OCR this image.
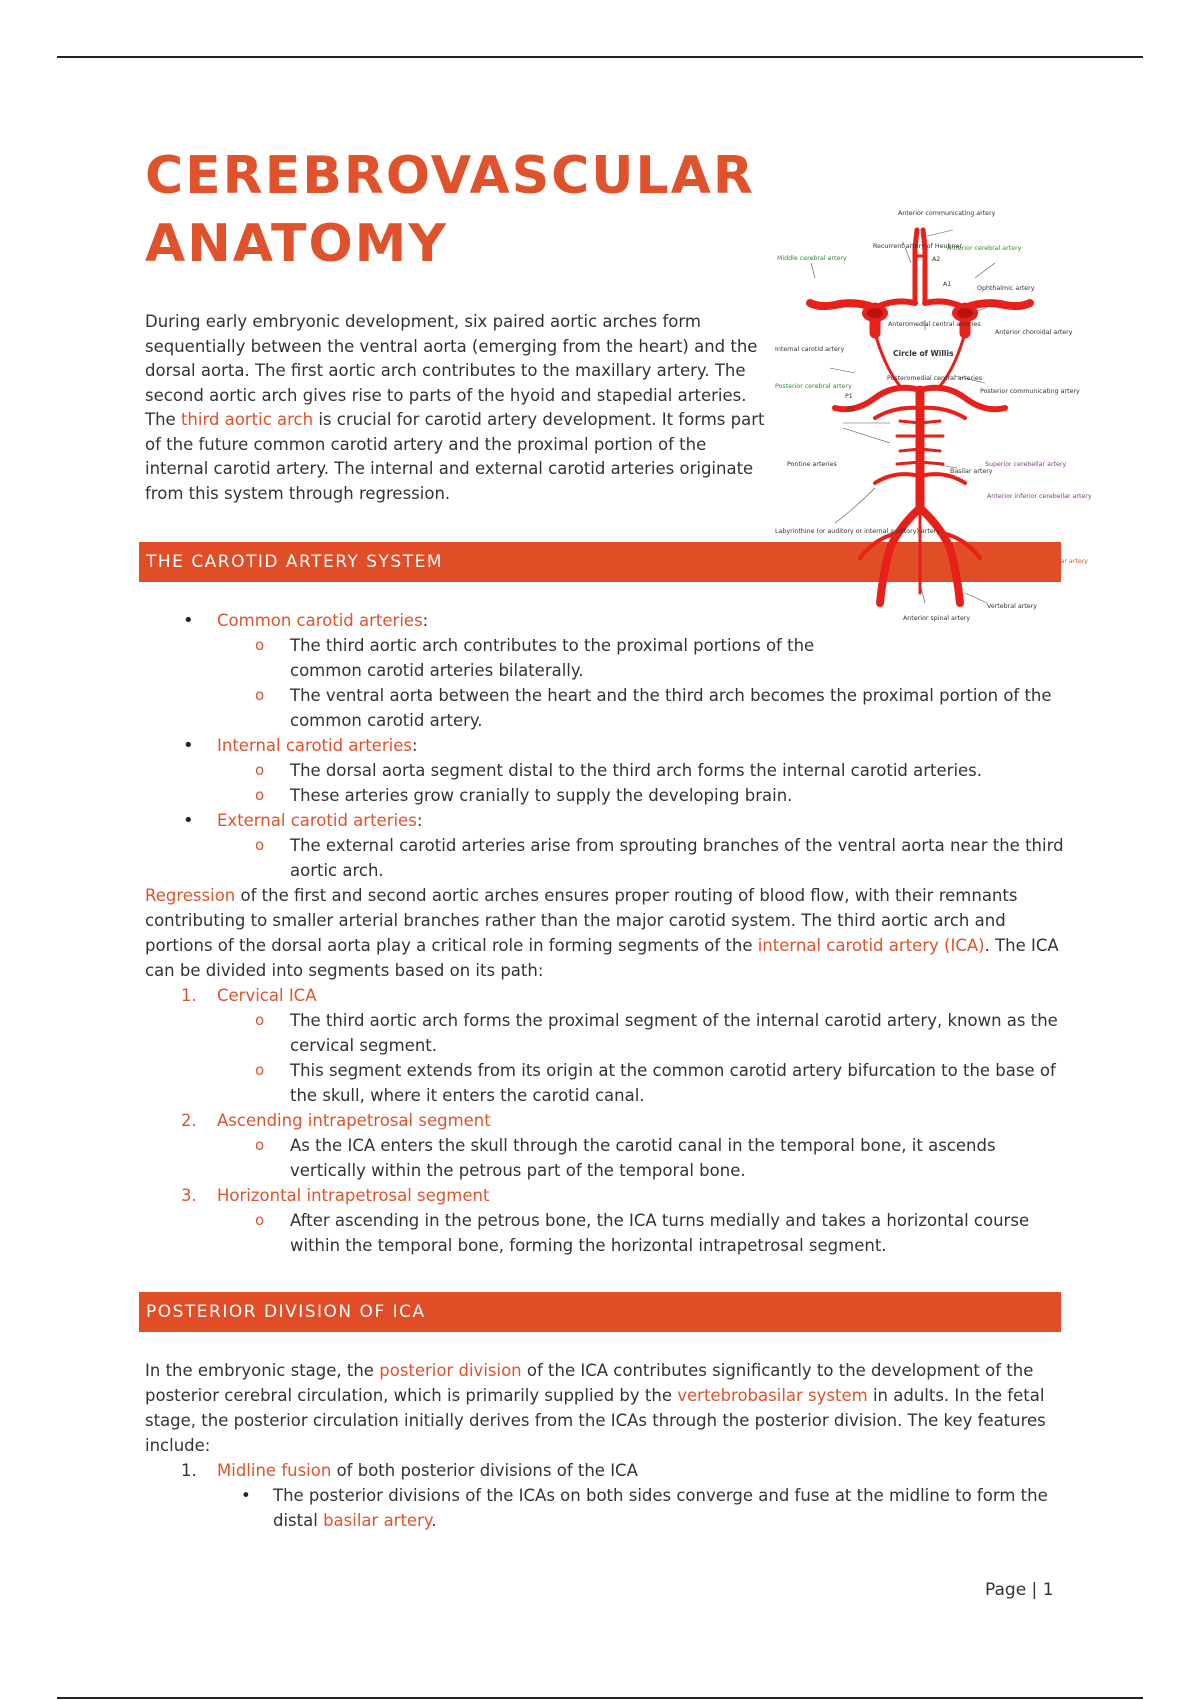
CEREBROVASCULAR
ANATOMY

During early embryonic development, six paired aortic arches form sequentially between the ventral aorta (emerging from the heart) and the dorsal aorta. The first aortic arch contributes to the maxillary artery. The second aortic arch gives rise to parts of the hyoid and stapedial arteries. The third aortic arch is crucial for carotid artery development. It forms part of the future common carotid artery and the proximal portion of the internal carotid artery. The internal and external carotid arteries originate from this system through regression.

THE CAROTID ARTERY SYSTEM
Anterior communicating artery
Anterior cerebral artery
Middle cerebral artery
Recurrent artery of Heubner
A2
A1
Ophthalmic artery
Anterior choroidal artery
Anteromedial central arteries
Circle of Willis
Internal carotid artery
Posteromedial central arteries
Posterior communicating artery
Posterior cerebral artery
P1
P2
Superior cerebellar artery
Pontine arteries
Basilar artery
Anterior inferior cerebellar artery
Labyrinthine (or auditory or internal auditory) artery
Posterior inferior cerebellar artery
Vertebral artery
Anterior spinal artery
• Common carotid arteries:
o The third aortic arch contributes to the proximal portions of the common carotid arteries bilaterally.
o The ventral aorta between the heart and the third arch becomes the proximal portion of the common carotid artery.
• Internal carotid arteries:
o The dorsal aorta segment distal to the third arch forms the internal carotid arteries.
o These arteries grow cranially to supply the developing brain.
• External carotid arteries:
o The external carotid arteries arise from sprouting branches of the ventral aorta near the third aortic arch.
Regression of the first and second aortic arches ensures proper routing of blood flow, with their remnants contributing to smaller arterial branches rather than the major carotid system. The third aortic arch and portions of the dorsal aorta play a critical role in forming segments of the internal carotid artery (ICA). The ICA can be divided into segments based on its path:
1. Cervical ICA
o The third aortic arch forms the proximal segment of the internal carotid artery, known as the cervical segment.
o This segment extends from its origin at the common carotid artery bifurcation to the base of the skull, where it enters the carotid canal.
2. Ascending intrapetrosal segment
o As the ICA enters the skull through the carotid canal in the temporal bone, it ascends vertically within the petrous part of the temporal bone.
3. Horizontal intrapetrosal segment
o After ascending in the petrous bone, the ICA turns medially and takes a horizontal course within the temporal bone, forming the horizontal intrapetrosal segment.
POSTERIOR DIVISION OF ICA
In the embryonic stage, the posterior division of the ICA contributes significantly to the development of the posterior cerebral circulation, which is primarily supplied by the vertebrobasilar system in adults. In the fetal stage, the posterior circulation initially derives from the ICAs through the posterior division. The key features include:
1. Midline fusion of both posterior divisions of the ICA
• The posterior divisions of the ICAs on both sides converge and fuse at the midline to form the distal basilar artery.
Page | 1
